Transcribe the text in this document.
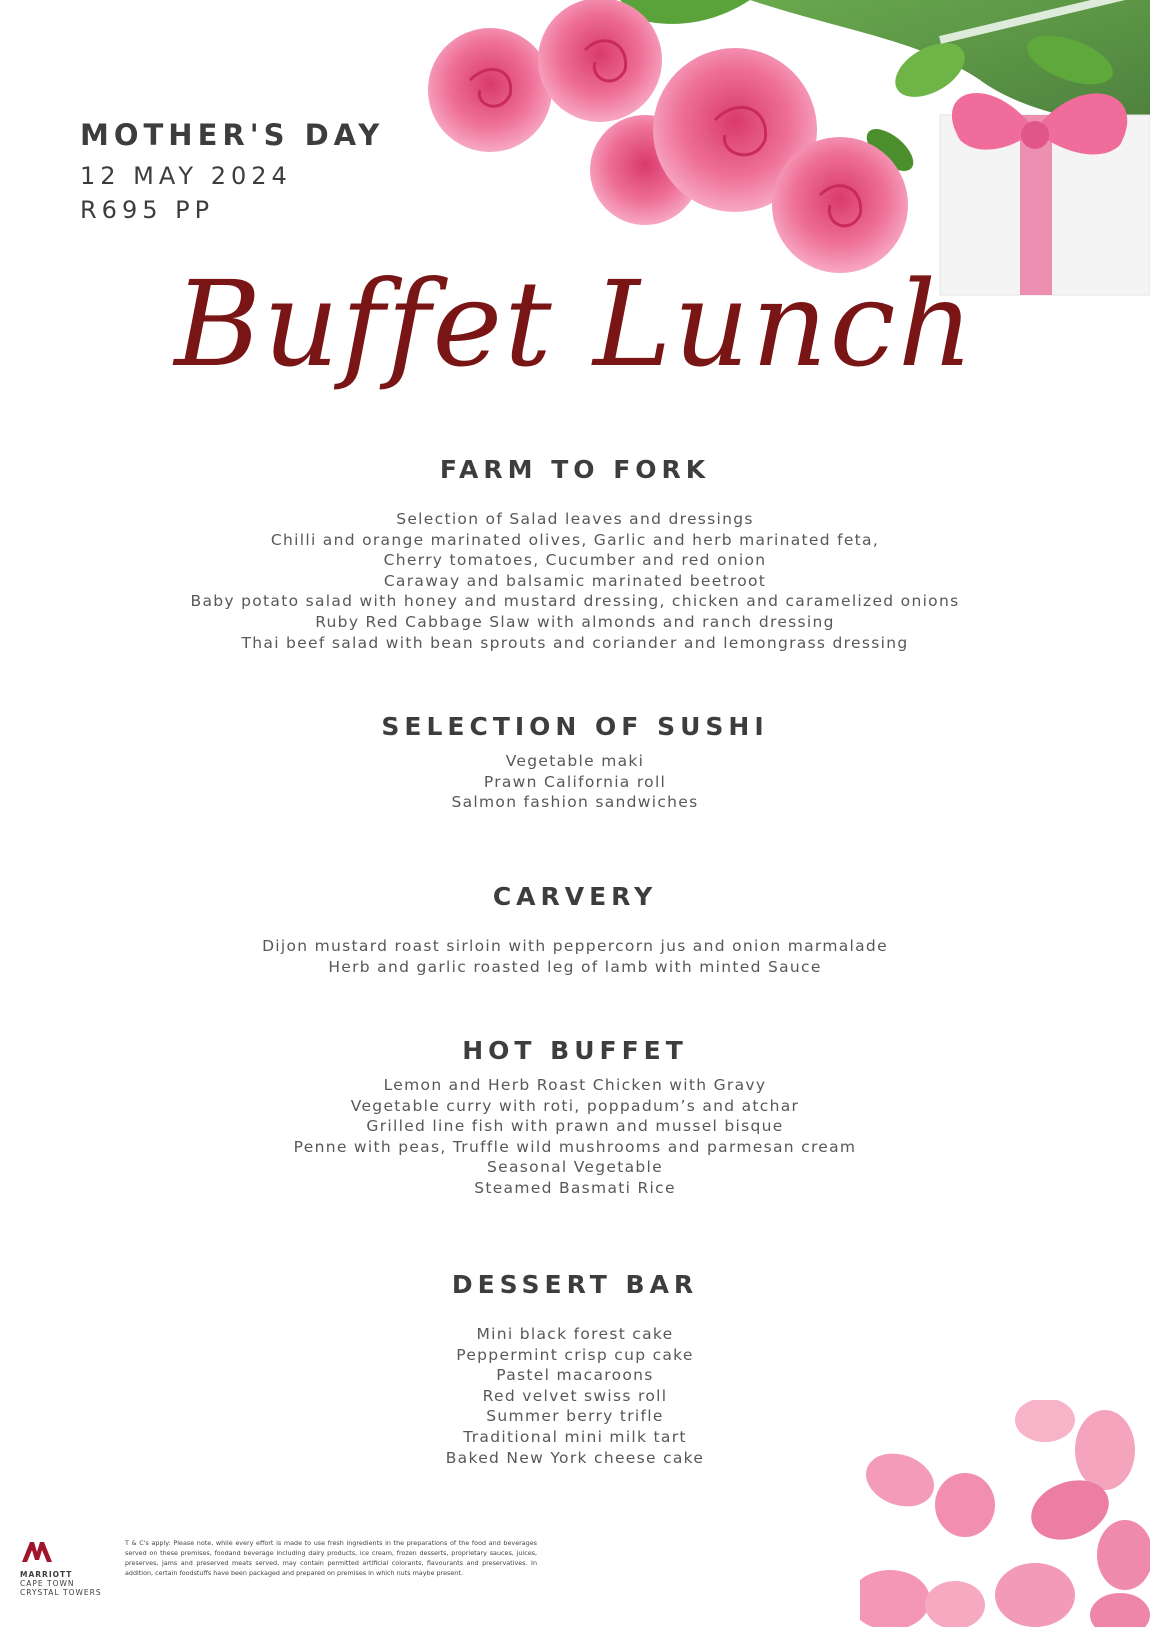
MOTHER'S DAY
12 MAY 2024
R695 PP
Buffet Lunch
FARM TO FORK
Selection of Salad leaves and dressings
Chilli and orange marinated olives, Garlic and herb marinated feta,
Cherry tomatoes, Cucumber and red onion
Caraway and balsamic marinated beetroot
Baby potato salad with honey and mustard dressing, chicken and caramelized onions
Ruby Red Cabbage Slaw with almonds and ranch dressing
Thai beef salad with bean sprouts and coriander and lemongrass dressing
SELECTION OF SUSHI
Vegetable maki
Prawn California roll
Salmon fashion sandwiches
CARVERY
Dijon mustard roast sirloin with peppercorn jus and onion marmalade
Herb and garlic roasted leg of lamb with minted Sauce
HOT BUFFET
Lemon and Herb Roast Chicken with Gravy
Vegetable curry with roti, poppadum’s and atchar
Grilled line fish with prawn and mussel bisque
Penne with peas, Truffle wild mushrooms and parmesan cream
Seasonal Vegetable
Steamed Basmati Rice
DESSERT BAR
Mini black forest cake
Peppermint crisp cup cake
Pastel macaroons
Red velvet swiss roll
Summer berry trifle
Traditional mini milk tart
Baked New York cheese cake
MARRIOTT
CAPE TOWN
CRYSTAL TOWERS
T & C's apply: Please note, while every effort is made to use fresh ingredients in the preparations of the food and beverages served on these premises, foodand beverage including dairy products, ice cream, frozen desserts, proprietary sauces, juices, preserves, jams and preserved meats served, may contain permitted artificial colorants, flavourants and preservatives. In addition, certain foodstuffs have been packaged and prepared on premises in which nuts maybe present.
